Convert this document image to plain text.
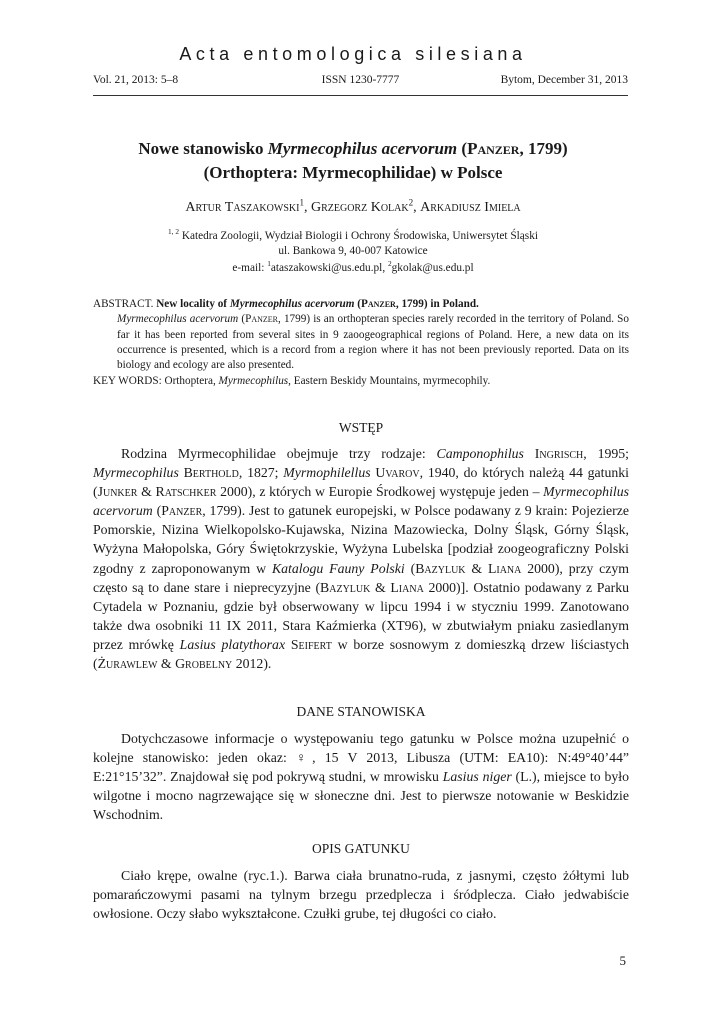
Acta entomologica silesiana
Vol. 21, 2013: 5–8	ISSN 1230-7777	Bytom, December 31, 2013
Nowe stanowisko Myrmecophilus acervorum (Panzer, 1799)
(Orthoptera: Myrmecophilidae) w Polsce
Artur Taszakowski$^1$, Grzegorz Kolak$^2$, Arkadiusz Imiela
$^{1, 2}$ Katedra Zoologii, Wydział Biologii i Ochrony Środowiska, Uniwersytet Śląski
ul. Bankowa 9, 40-007 Katowice
e-mail: $^1$ataszakowski@us.edu.pl, $^2$gkolak@us.edu.pl
ABSTRACT. New locality of Myrmecophilus acervorum (Panzer, 1799) in Poland.
Myrmecophilus acervorum (Panzer, 1799) is an orthopteran species rarely recorded in the territory of Poland. So far it has been reported from several sites in 9 zaoogeographical regions of Poland. Here, a new data on its occurrence is presented, which is a record from a region where it has not been previously reported. Data on its biology and ecology are also presented.
KEY WORDS: Orthoptera, Myrmecophilus, Eastern Beskidy Mountains, myrmecophily.
WSTĘP

Rodzina Myrmecophilidae obejmuje trzy rodzaje: Camponophilus Ingrisch, 1995; Myrmecophilus Berthold, 1827; Myrmophilellus Uvarov, 1940, do których należą 44 gatunki (Junker & Ratschker 2000), z których w Europie Środkowej występuje jeden – Myrmecophilus acervorum (Panzer, 1799). Jest to gatunek europejski, w Polsce podawany z 9 krain: Pojezierze Pomorskie, Nizina Wielkopolsko-Kujawska, Nizina Mazowiecka, Dolny Śląsk, Górny Śląsk, Wyżyna Małopolska, Góry Świętokrzyskie, Wyżyna Lubelska [podział zoogeograficzny Polski zgodny z zaproponowanym w Katalogu Fauny Polski (Bazyluk & Liana 2000), przy czym często są to dane stare i nieprecyzyjne (Bazyluk & Liana 2000)]. Ostatnio podawany z Parku Cytadela w Poznaniu, gdzie był obserwowany w lipcu 1994 i w styczniu 1999. Zanotowano także dwa osobniki 11 IX 2011, Stara Kaźmierka (XT96), w zbutwiałym pniaku zasiedlanym przez mrówkę Lasius platythorax Seifert w borze sosnowym z domieszką drzew liściastych (Żurawlew & Grobelny 2012).

DANE STANOWISKA

Dotychczasowe informacje o występowaniu tego gatunku w Polsce można uzupełnić o kolejne stanowisko: jeden okaz: ♀, 15 V 2013, Libusza (UTM: EA10): N:49°40’44” E:21°15’32”. Znajdował się pod pokrywą studni, w mrowisku Lasius niger (L.), miejsce to było wilgotne i mocno nagrzewające się w słoneczne dni. Jest to pierwsze notowanie w Beskidzie Wschodnim.

OPIS GATUNKU

Ciało krępe, owalne (ryc.1.). Barwa ciała brunatno-ruda, z jasnymi, często żółtymi lub pomarańczowymi pasami na tylnym brzegu przedplecza i śródplecza. Ciało jedwabiście owłosione. Oczy słabo wykształcone. Czułki grube, tej długości co ciało.

5
